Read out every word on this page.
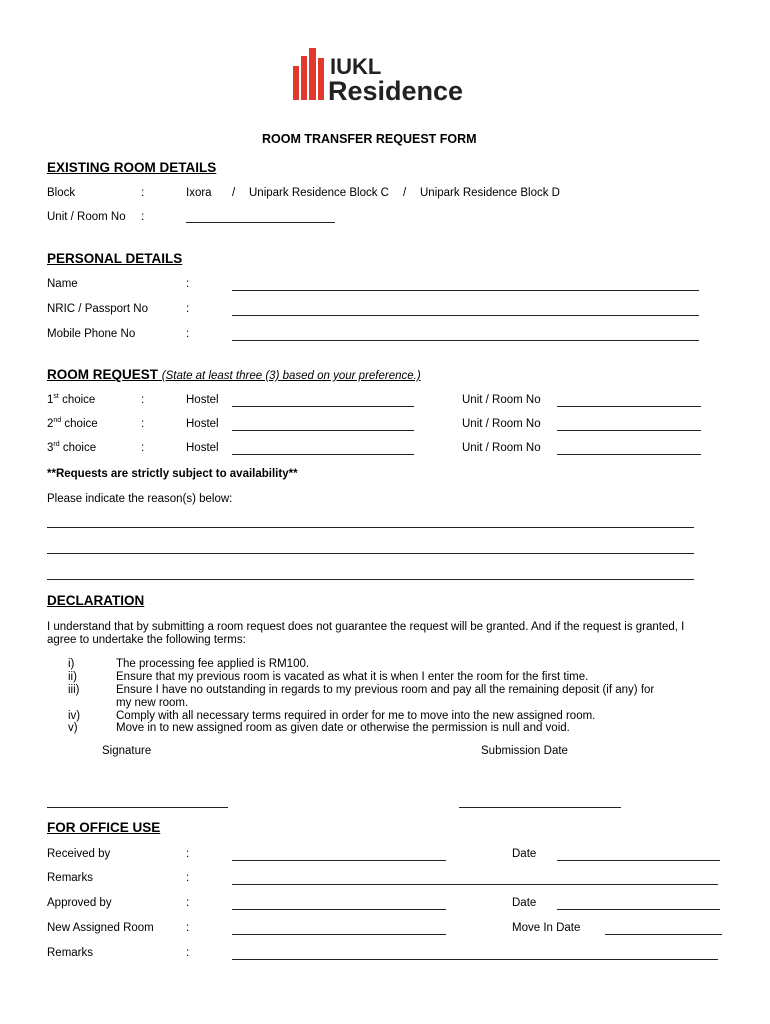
IUKL
Residence
ROOM TRANSFER REQUEST FORM
EXISTING ROOM DETAILS
Block	:	Ixora / Unipark Residence Block C / Unipark Residence Block D
Unit / Room No :
PERSONAL DETAILS
Name	:
NRIC / Passport No	:
Mobile Phone No	:
ROOM REQUEST (State at least three (3) based on your preference.)
1st choice	:	Hostel	Unit / Room No
2nd choice	:	Hostel	Unit / Room No
3rd choice	:	Hostel	Unit / Room No
**Requests are strictly subject to availability**
Please indicate the reason(s) below:
DECLARATION
I understand that by submitting a room request does not guarantee the request will be granted. And if the request is granted, I agree to undertake the following terms:
i)	The processing fee applied is RM100.
ii)	Ensure that my previous room is vacated as what it is when I enter the room for the first time.
iii)	Ensure I have no outstanding in regards to my previous room and pay all the remaining deposit (if any) for my new room.
iv)	Comply with all necessary terms required in order for me to move into the new assigned room.
v)	Move in to new assigned room as given date or otherwise the permission is null and void.
Signature	Submission Date
FOR OFFICE USE
Received by	:	Date
Remarks	:
Approved by	:	Date
New Assigned Room	:	Move In Date
Remarks	:
